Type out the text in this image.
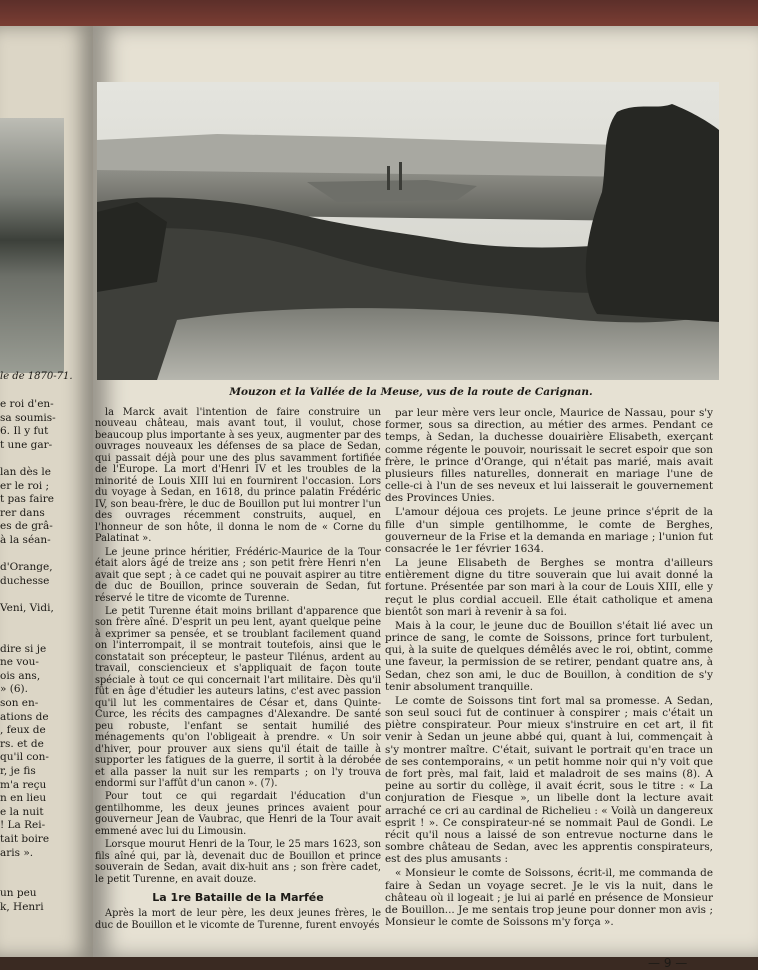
le de 1870-71.
e roi d'en-
sa soumis-
6. Il y fut
t une gar-
lan dès le
er le roi ;
t pas faire
rer dans
es de grâ-
à la séan-
d'Orange,
duchesse
Veni, Vidi,
dire si je
ne vou-
ois ans,
» (6).
son en-
ations de
, feux de
rs. et de
qu'il con-
r, je fis
m'a reçu
n en lieu
e la nuit
! La Rei-
tait boire
aris ».
un peu
k, Henri
Mouzon et la Vallée de la Meuse, vus de la route de Carignan.

la Marck avait l'intention de faire construire un nouveau château, mais avant tout, il voulut, chose beaucoup plus importante à ses yeux, augmenter par des ouvrages nouveaux les défenses de sa place de Sedan, qui passait déjà pour une des plus savamment fortifiée de l'Europe. La mort d'Henri IV et les troubles de la minorité de Louis XIII lui en fournirent l'occasion. Lors du voyage à Sedan, en 1618, du prince palatin Frédéric IV, son beau-frère, le duc de Bouillon put lui montrer l'un des ouvrages récemment construits, auquel, en l'honneur de son hôte, il donna le nom de « Corne du Palatinat ».

Le jeune prince héritier, Frédéric-Maurice de la Tour était alors âgé de treize ans ; son petit frère Henri n'en avait que sept ; à ce cadet qui ne pouvait aspirer au titre de duc de Bouillon, prince souverain de Sedan, fut réservé le titre de vicomte de Turenne.

Le petit Turenne était moins brillant d'apparence que son frère aîné. D'esprit un peu lent, ayant quelque peine à exprimer sa pensée, et se troublant facilement quand on l'interrompait, il se montrait toutefois, ainsi que le constatait son précepteur, le pasteur Tilénus, ardent au travail, consciencieux et s'appliquait de façon toute spéciale à tout ce qui concernait l'art militaire. Dès qu'il fût en âge d'étudier les auteurs latins, c'est avec passion qu'il lut les commentaires de César et, dans Quinte-Curce, les récits des campagnes d'Alexandre. De santé peu robuste, l'enfant se sentait humilié des ménagements qu'on l'obligeait à prendre. « Un soir d'hiver, pour prouver aux siens qu'il était de taille à supporter les fatigues de la guerre, il sortit à la dérobée et alla passer la nuit sur les remparts ; on l'y trouva endormi sur l'affût d'un canon ». (7).

Pour tout ce qui regardait l'éducation d'un gentilhomme, les deux jeunes princes avaient pour gouverneur Jean de Vaubrac, que Henri de la Tour avait emmené avec lui du Limousin.

Lorsque mourut Henri de la Tour, le 25 mars 1623, son fils aîné qui, par là, devenait duc de Bouillon et prince souverain de Sedan, avait dix-huit ans ; son frère cadet, le petit Turenne, en avait douze.

La 1re Bataille de la Marfée

Après la mort de leur père, les deux jeunes frères, le duc de Bouillon et le vicomte de Turenne, furent envoyés

par leur mère vers leur oncle, Maurice de Nassau, pour s'y former, sous sa direction, au métier des armes. Pendant ce temps, à Sedan, la duchesse douairière Elisabeth, exerçant comme régente le pouvoir, nourissait le secret espoir que son frère, le prince d'Orange, qui n'était pas marié, mais avait plusieurs filles naturelles, donnerait en mariage l'une de celle-ci à l'un de ses neveux et lui laisserait le gouvernement des Provinces Unies.

L'amour déjoua ces projets. Le jeune prince s'éprit de la fille d'un simple gentilhomme, le comte de Berghes, gouverneur de la Frise et la demanda en mariage ; l'union fut consacrée le 1er février 1634.

La jeune Elisabeth de Berghes se montra d'ailleurs entièrement digne du titre souverain que lui avait donné la fortune. Présentée par son mari à la cour de Louis XIII, elle y reçut le plus cordial accueil. Elle était catholique et amena bientôt son mari à revenir à sa foi.

Mais à la cour, le jeune duc de Bouillon s'était lié avec un prince de sang, le comte de Soissons, prince fort turbulent, qui, à la suite de quelques démêlés avec le roi, obtint, comme une faveur, la permission de se retirer, pendant quatre ans, à Sedan, chez son ami, le duc de Bouillon, à condition de s'y tenir absolument tranquille.

Le comte de Soissons tint fort mal sa promesse. A Sedan, son seul souci fut de continuer à conspirer ; mais c'était un piètre conspirateur. Pour mieux s'instruire en cet art, il fit venir à Sedan un jeune abbé qui, quant à lui, commençait à s'y montrer maître. C'était, suivant le portrait qu'en trace un de ses contemporains, « un petit homme noir qui n'y voit que de fort près, mal fait, laid et maladroit de ses mains (8). A peine au sortir du collège, il avait écrit, sous le titre : « La conjuration de Fiesque », un libelle dont la lecture avait arraché ce cri au cardinal de Richelieu : « Voilà un dangereux esprit ! ». Ce conspirateur-né se nommait Paul de Gondi. Le récit qu'il nous a laissé de son entrevue nocturne dans le sombre château de Sedan, avec les apprentis conspirateurs, est des plus amusants :

« Monsieur le comte de Soissons, écrit-il, me commanda de faire à Sedan un voyage secret. Je le vis la nuit, dans le château où il logeait ; je lui ai parlé en présence de Monsieur de Bouillon... Je me sentais trop jeune pour donner mon avis ; Monsieur le comte de Soissons m'y força ».

— 9 —
